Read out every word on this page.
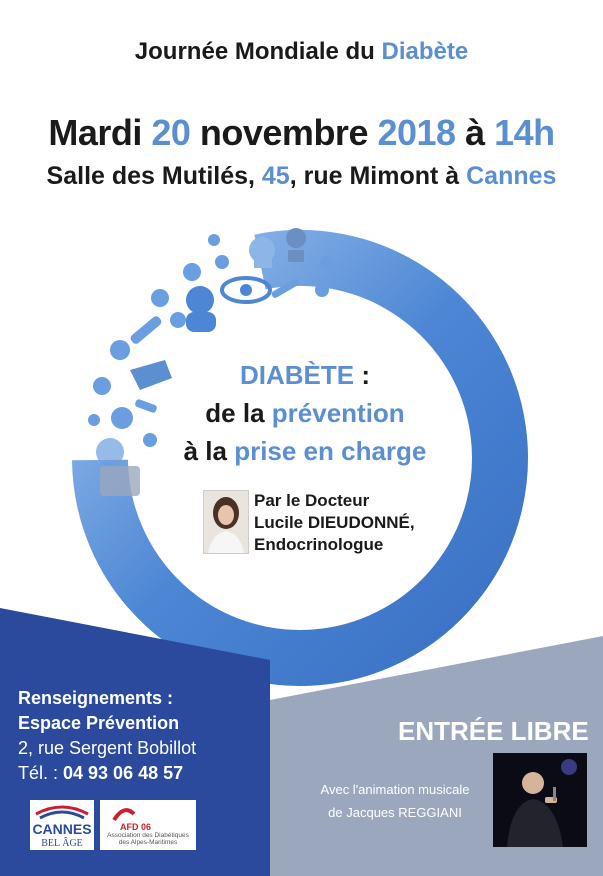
Journée Mondiale du Diabète
Mardi 20 novembre 2018 à 14h
Salle des Mutilés, 45, rue Mimont à Cannes
DIABÈTE :
de la prévention
à la prise en charge
Par le Docteur
Lucile DIEUDONNÉ,
Endocrinologue
Renseignements :
Espace Prévention
2, rue Sergent Bobillot
Tél. : 04 93 06 48 57
CANNES
BEL ÂGE
AFD 06
Association des Diabétiques des Alpes-Maritimes
ENTRÉE LIBRE
Avec l'animation musicale
de Jacques REGGIANI
